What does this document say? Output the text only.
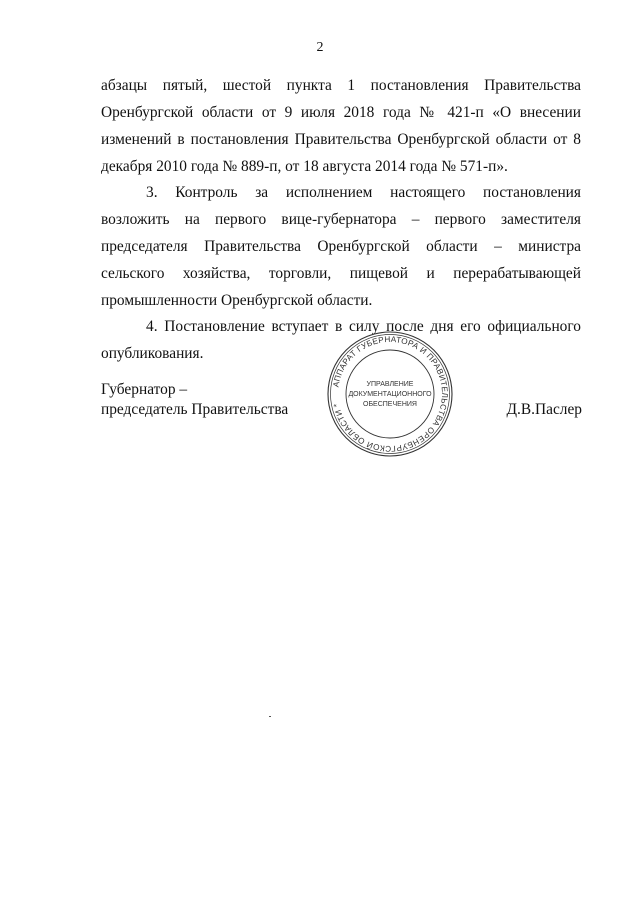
2

абзацы пятый, шестой пункта 1 постановления Правительства Оренбургской области от 9 июля 2018 года № 421-п «О внесении изменений в постановления Правительства Оренбургской области от 8 декабря 2010 года № 889-п, от 18 августа 2014 года № 571-п».

3. Контроль за исполнением настоящего постановления возложить на первого вице-губернатора – первого заместителя председателя Правительства Оренбургской области – министра сельского хозяйства, торговли, пищевой и перерабатывающей промышленности Оренбургской области.

4. Постановление вступает в силу после дня его официального опубликования.

Губернатор –
председатель Правительства	Д.В.Паслер
АППАРАТ ГУБЕРНАТОРА И ПРАВИТЕЛЬСТВА ОРЕНБУРГСКОЙ ОБЛАСТИ *
УПРАВЛЕНИЕ
ДОКУМЕНТАЦИОННОГО
ОБЕСПЕЧЕНИЯ
